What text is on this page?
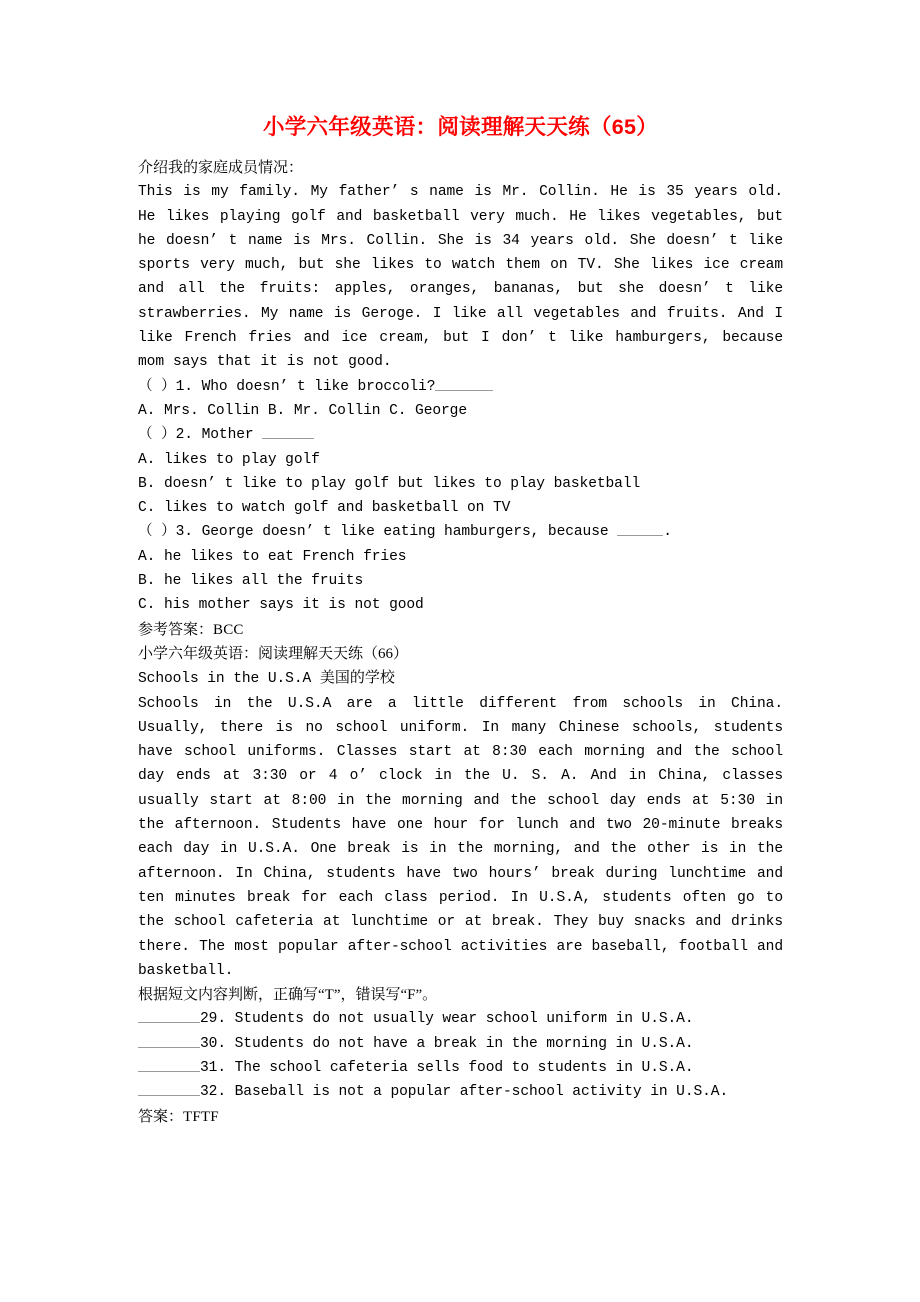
小学六年级英语：阅读理解天天练（65）

介绍我的家庭成员情况：

This is my family. My father’ s name is Mr. Collin. He is 35 years old. He likes playing golf and basketball very much. He likes vegetables, but he doesn’ t name is Mrs. Collin. She is 34 years old. She doesn’ t like sports very much, but she likes to watch them on TV. She likes ice cream and all the fruits: apples, oranges, bananas, but she doesn’ t like strawberries. My name is Geroge. I like all vegetables and fruits. And I like French fries and ice cream, but I don’ t like hamburgers, because mom says that it is not good.

（ ）1. Who doesn’ t like broccoli?

A. Mrs. Collin B. Mr. Collin C. George

（ ）2. Mother

A. likes to play golf

B. doesn’ t like to play golf but likes to play basketball

C. likes to watch golf and basketball on TV

（ ）3. George doesn’ t like eating hamburgers, because	.

A. he likes to eat French fries

B. he likes all the fruits

C. his mother says it is not good

参考答案：BCC

小学六年级英语：阅读理解天天练（66）

Schools in the U.S.A 美国的学校

Schools in the U.S.A are a little different from schools in China. Usually, there is no school uniform. In many Chinese schools, students have school uniforms. Classes start at 8:30 each morning and the school day ends at 3:30 or 4 o’ clock in the U. S. A. And in China, classes usually start at 8:00 in the morning and the school day ends at 5:30 in the afternoon. Students have one hour for lunch and two 20-minute breaks each day in U.S.A. One break is in the morning, and the other is in the afternoon. In China, students have two hours’ break during lunchtime and ten minutes break for each class period. In U.S.A, students often go to the school cafeteria at lunchtime or at break. They buy snacks and drinks there. The most popular after-school activities are baseball, football and basketball.

根据短文内容判断，正确写“T”，错误写“F”。

29. Students do not usually wear school uniform in U.S.A.

30. Students do not have a break in the morning in U.S.A.

31. The school cafeteria sells food to students in U.S.A.

32. Baseball is not a popular after-school activity in U.S.A.

答案：TFTF
